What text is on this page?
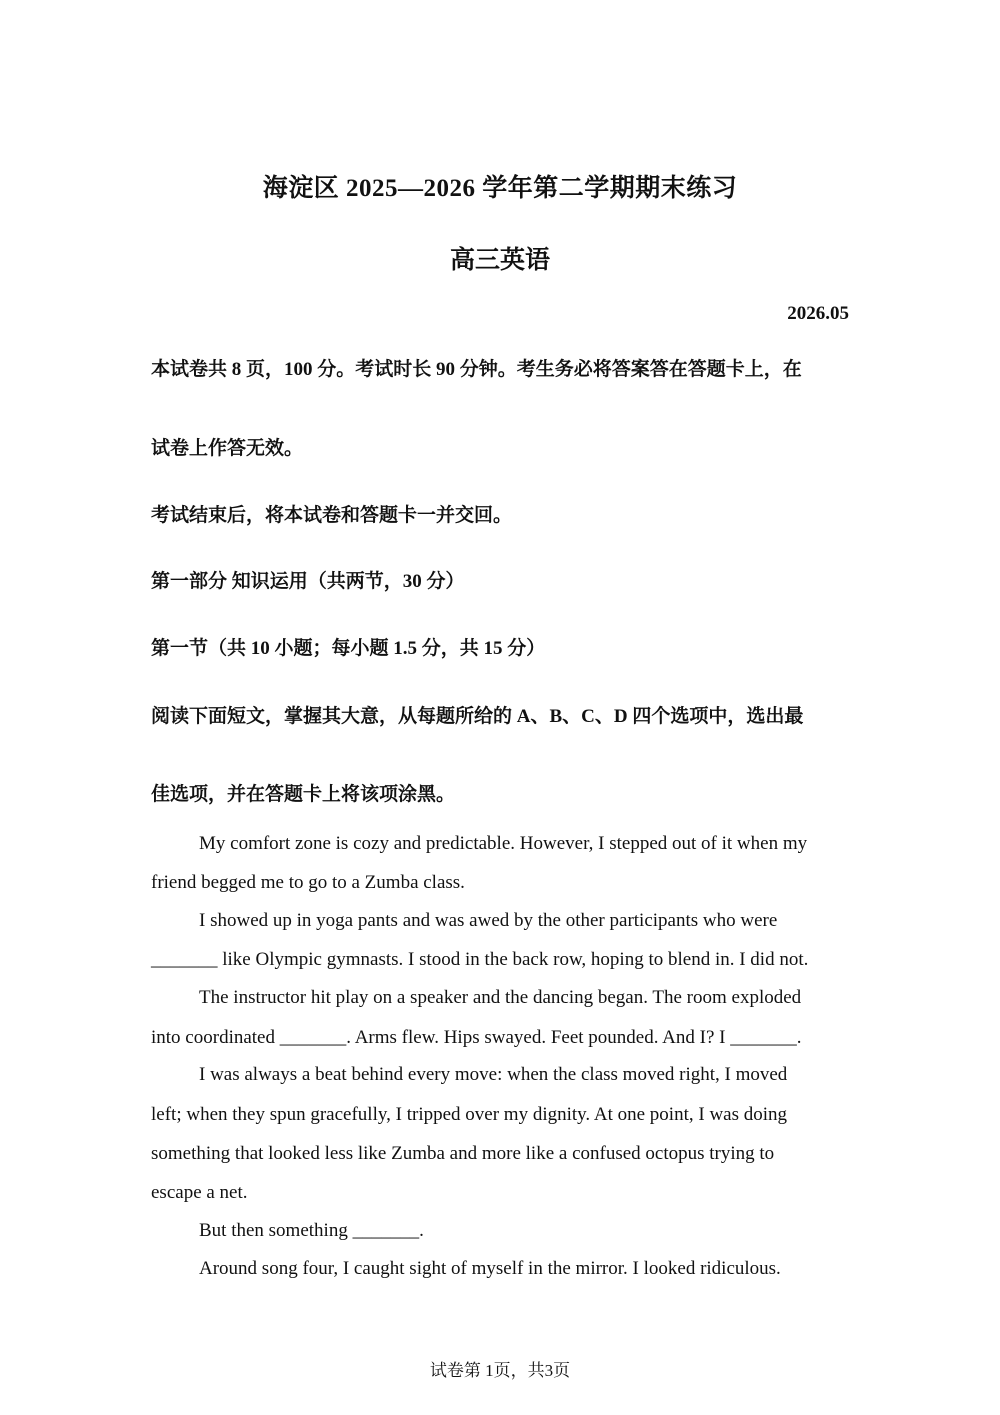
海淀区 2025—2026 学年第二学期期末练习
高三英语
2026.05
本试卷共 8 页，100 分。考试时长 90 分钟。考生务必将答案答在答题卡上，在
试卷上作答无效。
考试结束后，将本试卷和答题卡一并交回。
第一部分 知识运用（共两节，30 分）
第一节（共 10 小题；每小题 1.5 分，共 15 分）
阅读下面短文，掌握其大意，从每题所给的 A、B、C、D 四个选项中，选出最
佳选项，并在答题卡上将该项涂黑。
My comfort zone is cozy and predictable. However, I stepped out of it when my
friend begged me to go to a Zumba class.
I showed up in yoga pants and was awed by the other participants who were
_______ like Olympic gymnasts. I stood in the back row, hoping to blend in. I did not.
The instructor hit play on a speaker and the dancing began. The room exploded
into coordinated _______. Arms flew. Hips swayed. Feet pounded. And I? I _______.
I was always a beat behind every move: when the class moved right, I moved
left; when they spun gracefully, I tripped over my dignity. At one point, I was doing
something that looked less like Zumba and more like a confused octopus trying to
escape a net.
But then something _______.
Around song four, I caught sight of myself in the mirror. I looked ridiculous.
试卷第 1页，共3页
